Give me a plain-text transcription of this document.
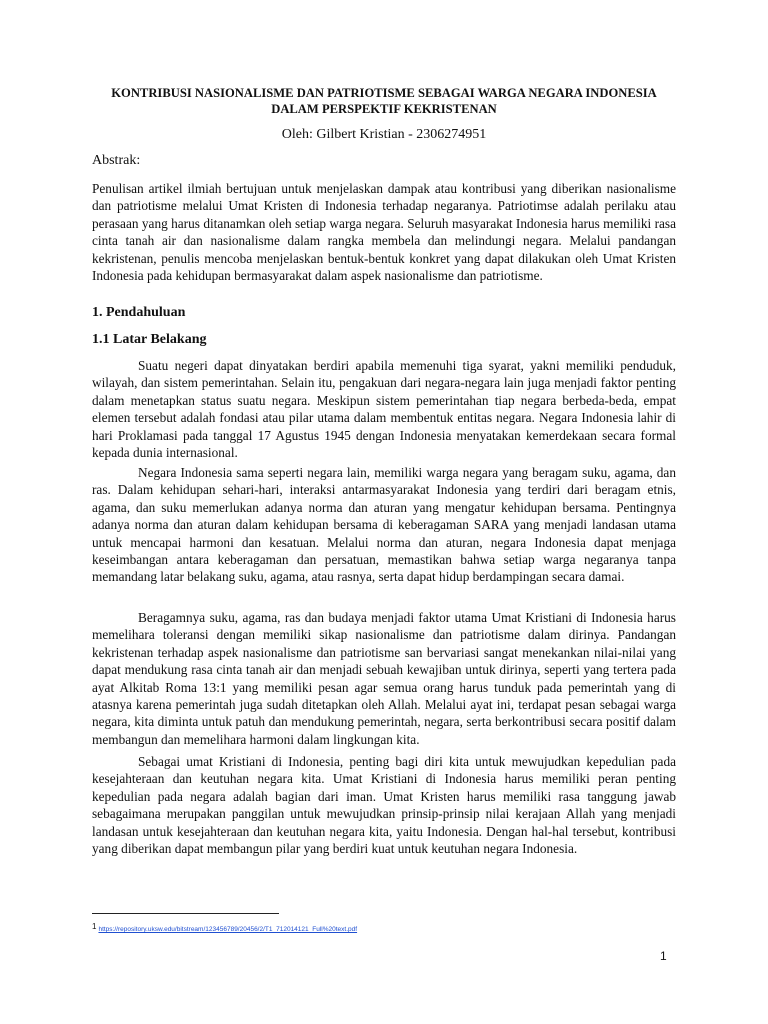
KONTRIBUSI NASIONALISME DAN PATRIOTISME SEBAGAI WARGA NEGARA INDONESIA
DALAM PERSPEKTIF KEKRISTENAN
Oleh: Gilbert Kristian - 2306274951
Abstrak:

Penulisan artikel ilmiah bertujuan untuk menjelaskan dampak atau kontribusi yang diberikan nasionalisme dan patriotisme melalui Umat Kristen di Indonesia terhadap negaranya. Patriotimse adalah perilaku atau perasaan yang harus ditanamkan oleh setiap warga negara. Seluruh masyarakat Indonesia harus memiliki rasa cinta tanah air dan nasionalisme dalam rangka membela dan melindungi negara. Melalui pandangan kekristenan, penulis mencoba menjelaskan bentuk-bentuk konkret yang dapat dilakukan oleh Umat Kristen Indonesia pada kehidupan bermasyarakat dalam aspek nasionalisme dan patriotisme.

1. Pendahuluan
1.1 Latar Belakang

Suatu negeri dapat dinyatakan berdiri apabila memenuhi tiga syarat, yakni memiliki penduduk, wilayah, dan sistem pemerintahan. Selain itu, pengakuan dari negara-negara lain juga menjadi faktor penting dalam menetapkan status suatu negara. Meskipun sistem pemerintahan tiap negara berbeda-beda, empat elemen tersebut adalah fondasi atau pilar utama dalam membentuk entitas negara. Negara Indonesia lahir di hari Proklamasi pada tanggal 17 Agustus 1945 dengan Indonesia menyatakan kemerdekaan secara formal kepada dunia internasional.

Negara Indonesia sama seperti negara lain, memiliki warga negara yang beragam suku, agama, dan ras. Dalam kehidupan sehari-hari, interaksi antarmasyarakat Indonesia yang terdiri dari beragam etnis, agama, dan suku memerlukan adanya norma dan aturan yang mengatur kehidupan bersama. Pentingnya adanya norma dan aturan dalam kehidupan bersama di keberagaman SARA yang menjadi landasan utama untuk mencapai harmoni dan kesatuan. Melalui norma dan aturan, negara Indonesia dapat menjaga keseimbangan antara keberagaman dan persatuan, memastikan bahwa setiap warga negaranya tanpa memandang latar belakang suku, agama, atau rasnya, serta dapat hidup berdampingan secara damai.

Beragamnya suku, agama, ras dan budaya menjadi faktor utama Umat Kristiani di Indonesia harus memelihara toleransi dengan memiliki sikap nasionalisme dan patriotisme dalam dirinya. Pandangan kekristenan terhadap aspek nasionalisme dan patriotisme san bervariasi sangat menekankan nilai-nilai yang dapat mendukung rasa cinta tanah air dan menjadi sebuah kewajiban untuk dirinya, seperti yang tertera pada ayat Alkitab Roma 13:1 yang memiliki pesan agar semua orang harus tunduk pada pemerintah yang di atasnya karena pemerintah juga sudah ditetapkan oleh Allah. Melalui ayat ini, terdapat pesan sebagai warga negara, kita diminta untuk patuh dan mendukung pemerintah, negara, serta berkontribusi secara positif dalam membangun dan memelihara harmoni dalam lingkungan kita.

Sebagai umat Kristiani di Indonesia, penting bagi diri kita untuk mewujudkan kepedulian pada kesejahteraan dan keutuhan negara kita. Umat Kristiani di Indonesia harus memiliki peran penting kepedulian pada negara adalah bagian dari iman. Umat Kristen harus memiliki rasa tanggung jawab sebagaimana merupakan panggilan untuk mewujudkan prinsip-prinsip nilai kerajaan Allah yang menjadi landasan untuk kesejahteraan dan keutuhan negara kita, yaitu Indonesia. Dengan hal-hal tersebut, kontribusi yang diberikan dapat membangun pilar yang berdiri kuat untuk keutuhan negara Indonesia.

$^1$ https://repository.uksw.edu/bitstream/123456789/20456/2/T1_712014121_Full%20text.pdf
1
